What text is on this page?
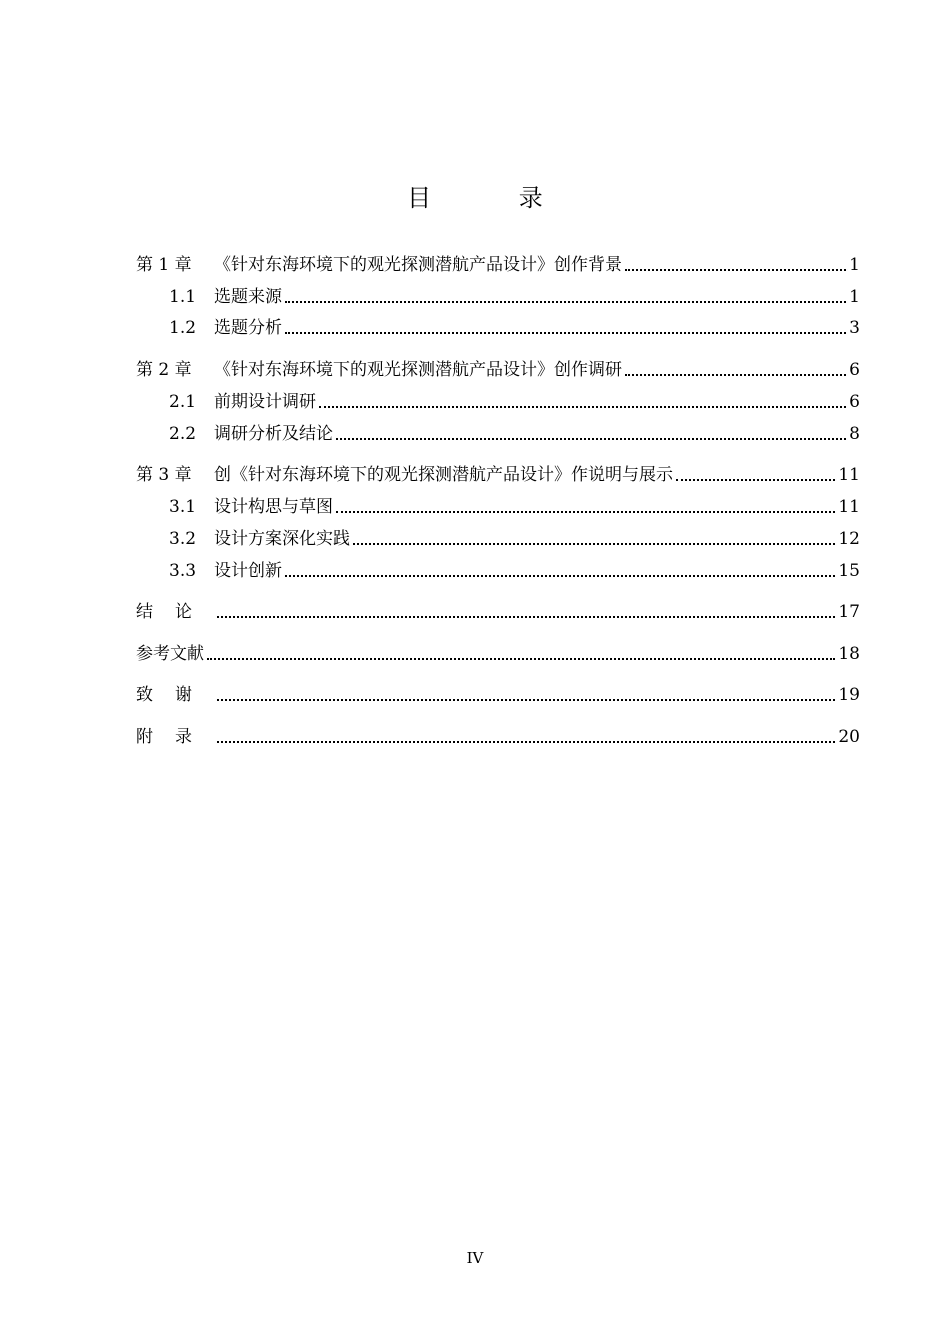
目 录
第 1 章	《针对东海环境下的观光探测潜航产品设计》创作背景	1
1.1	选题来源	1
1.2	选题分析	3
第 2 章	《针对东海环境下的观光探测潜航产品设计》创作调研	6
2.1	前期设计调研	6
2.2	调研分析及结论	8
第 3 章	创《针对东海环境下的观光探测潜航产品设计》作说明与展示	11
3.1	设计构思与草图	11
3.2	设计方案深化实践	12
3.3	设计创新	15
结论	17
参考文献	18
致谢	19
附录	20
IV
